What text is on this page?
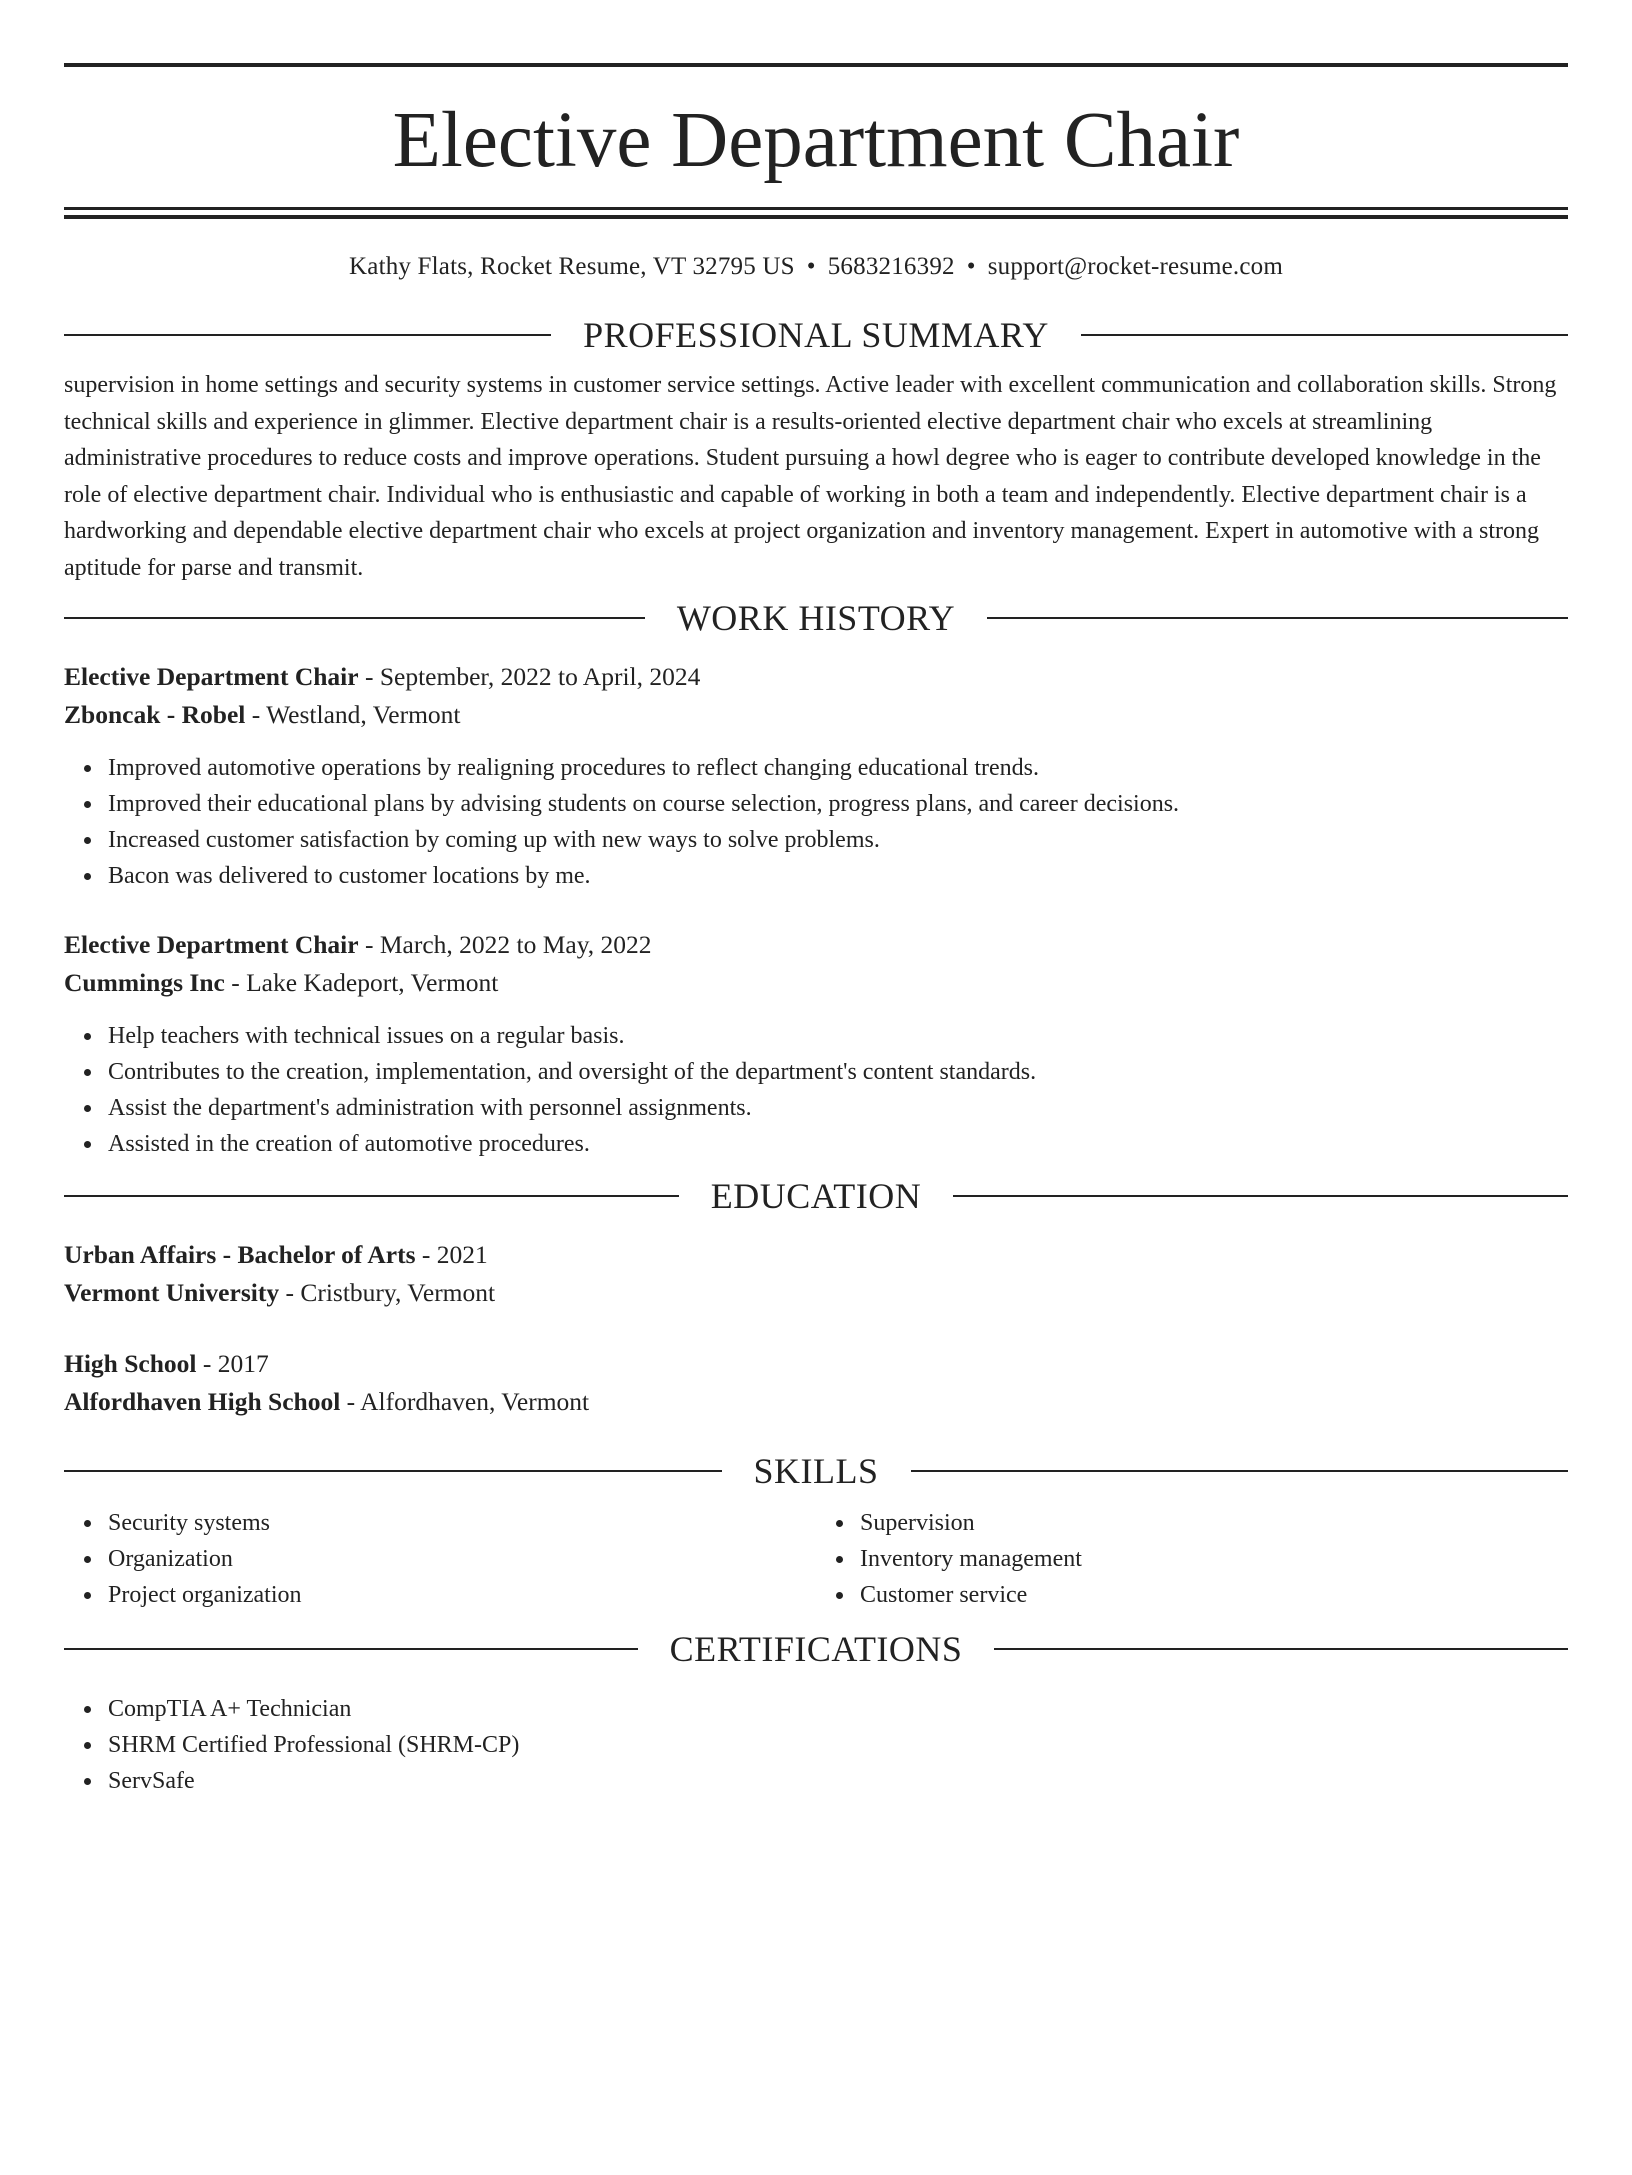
Elective Department Chair
Kathy Flats, Rocket Resume, VT 32795 US • 5683216392 • support@rocket-resume.com
PROFESSIONAL SUMMARY
supervision in home settings and security systems in customer service settings. Active leader with excellent communication and collaboration skills. Strong technical skills and experience in glimmer. Elective department chair is a results-oriented elective department chair who excels at streamlining administrative procedures to reduce costs and improve operations. Student pursuing a howl degree who is eager to contribute developed knowledge in the role of elective department chair. Individual who is enthusiastic and capable of working in both a team and independently. Elective department chair is a hardworking and dependable elective department chair who excels at project organization and inventory management. Expert in automotive with a strong aptitude for parse and transmit.
WORK HISTORY
Elective Department Chair - September, 2022 to April, 2024
Zboncak - Robel - Westland, Vermont
Improved automotive operations by realigning procedures to reflect changing educational trends.
Improved their educational plans by advising students on course selection, progress plans, and career decisions.
Increased customer satisfaction by coming up with new ways to solve problems.
Bacon was delivered to customer locations by me.
Elective Department Chair - March, 2022 to May, 2022
Cummings Inc - Lake Kadeport, Vermont
Help teachers with technical issues on a regular basis.
Contributes to the creation, implementation, and oversight of the department's content standards.
Assist the department's administration with personnel assignments.
Assisted in the creation of automotive procedures.
EDUCATION
Urban Affairs - Bachelor of Arts - 2021
Vermont University - Cristbury, Vermont
High School - 2017
Alfordhaven High School - Alfordhaven, Vermont
SKILLS
Security systems
Organization
Project organization
Supervision
Inventory management
Customer service
CERTIFICATIONS
CompTIA A+ Technician
SHRM Certified Professional (SHRM-CP)
ServSafe
